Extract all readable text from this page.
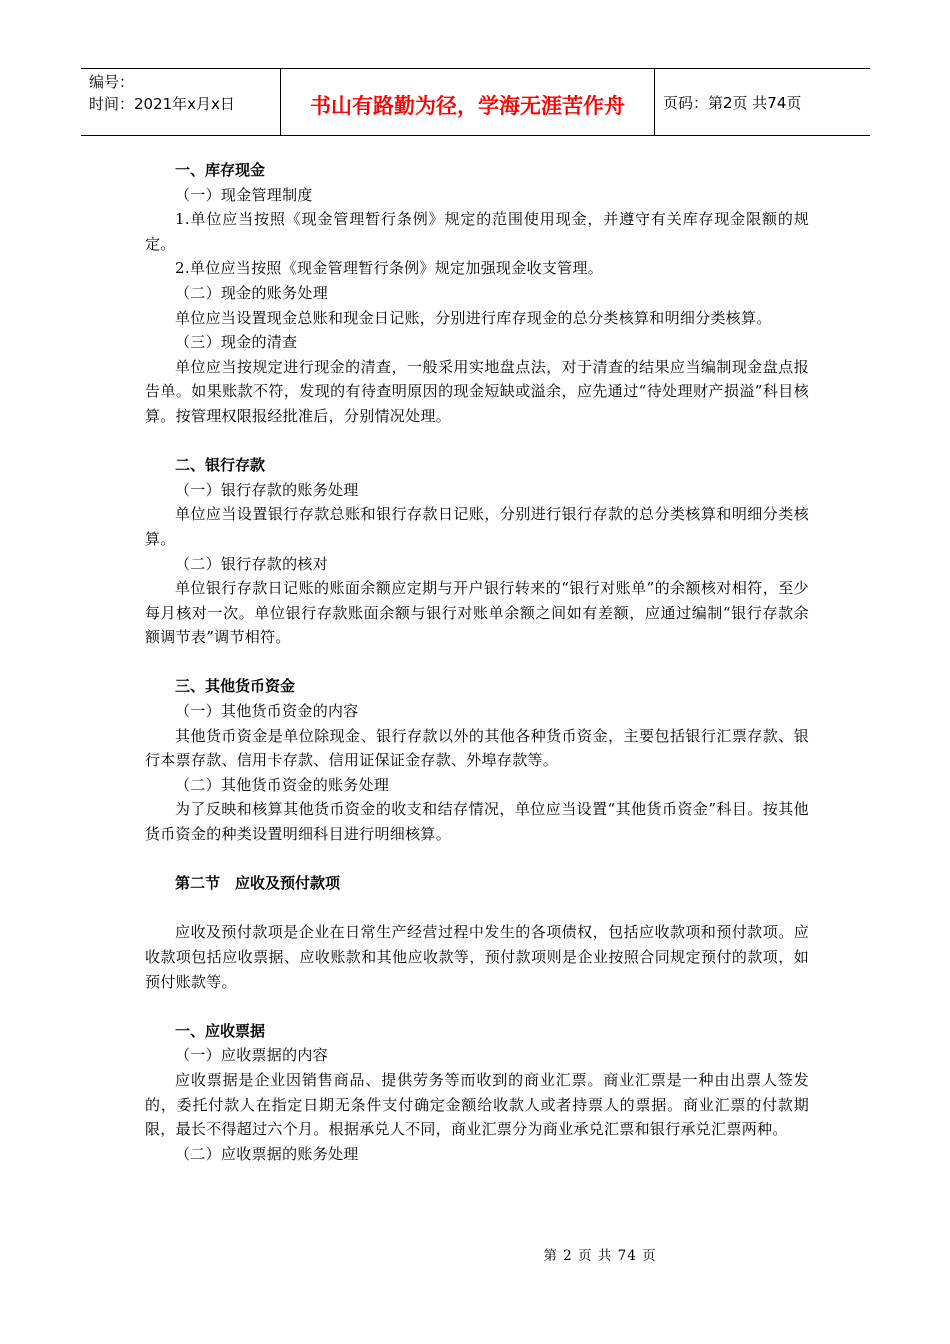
编号：
时间：2021年x月x日	书山有路勤为径，学海无涯苦作舟	页码：第2页 共74页
一、库存现金

（一）现金管理制度

1.单位应当按照《现金管理暂行条例》规定的范围使用现金，并遵守有关库存现金限额的规定。

2.单位应当按照《现金管理暂行条例》规定加强现金收支管理。

（二）现金的账务处理

单位应当设置现金总账和现金日记账，分别进行库存现金的总分类核算和明细分类核算。

（三）现金的清查

单位应当按规定进行现金的清查，一般采用实地盘点法，对于清查的结果应当编制现金盘点报告单。如果账款不符，发现的有待查明原因的现金短缺或溢余，应先通过“待处理财产损溢”科目核算。按管理权限报经批准后，分别情况处理。

二、银行存款

（一）银行存款的账务处理

单位应当设置银行存款总账和银行存款日记账，分别进行银行存款的总分类核算和明细分类核算。

（二）银行存款的核对

单位银行存款日记账的账面余额应定期与开户银行转来的“银行对账单”的余额核对相符，至少每月核对一次。单位银行存款账面余额与银行对账单余额之间如有差额，应通过编制“银行存款余额调节表”调节相符。

三、其他货币资金

（一）其他货币资金的内容

其他货币资金是单位除现金、银行存款以外的其他各种货币资金，主要包括银行汇票存款、银行本票存款、信用卡存款、信用证保证金存款、外埠存款等。

（二）其他货币资金的账务处理

为了反映和核算其他货币资金的收支和结存情况，单位应当设置“其他货币资金”科目。按其他货币资金的种类设置明细科目进行明细核算。

第二节　应收及预付款项

应收及预付款项是企业在日常生产经营过程中发生的各项债权，包括应收款项和预付款项。应收款项包括应收票据、应收账款和其他应收款等，预付款项则是企业按照合同规定预付的款项，如预付账款等。

一、应收票据

（一）应收票据的内容

应收票据是企业因销售商品、提供劳务等而收到的商业汇票。商业汇票是一种由出票人签发的，委托付款人在指定日期无条件支付确定金额给收款人或者持票人的票据。商业汇票的付款期限，最长不得超过六个月。根据承兑人不同，商业汇票分为商业承兑汇票和银行承兑汇票两种。

（二）应收票据的账务处理

第 2 页 共 74 页
